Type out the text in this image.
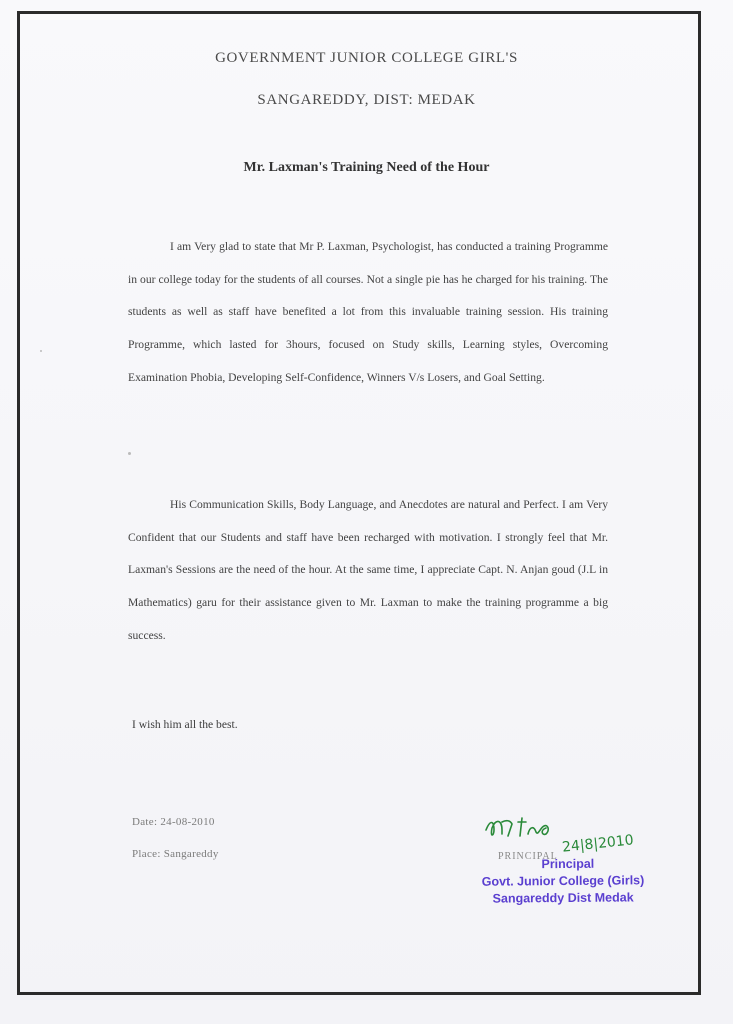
GOVERNMENT JUNIOR COLLEGE GIRL'S
SANGAREDDY, DIST: MEDAK
Mr. Laxman's Training Need of the Hour

I am Very glad to state that Mr P. Laxman, Psychologist, has conducted a training Programme in our college today for the students of all courses. Not a single pie has he charged for his training. The students as well as staff have benefited a lot from this invaluable training session. His training Programme, which lasted for 3hours, focused on Study skills, Learning styles, Overcoming Examination Phobia, Developing Self-Confidence, Winners V/s Losers, and Goal Setting.

His Communication Skills, Body Language, and Anecdotes are natural and Perfect. I am Very Confident that our Students and staff have been recharged with motivation. I strongly feel that Mr. Laxman's Sessions are the need of the hour. At the same time, I appreciate Capt. N. Anjan goud (J.L in Mathematics) garu for their assistance given to Mr. Laxman to make the training programme a big success.

I wish him all the best.
Date: 24-08-2010
Place: Sangareddy	PRINCIPAL
24|8|2010
Principal
Govt. Junior College (Girls)
Sangareddy Dist Medak
